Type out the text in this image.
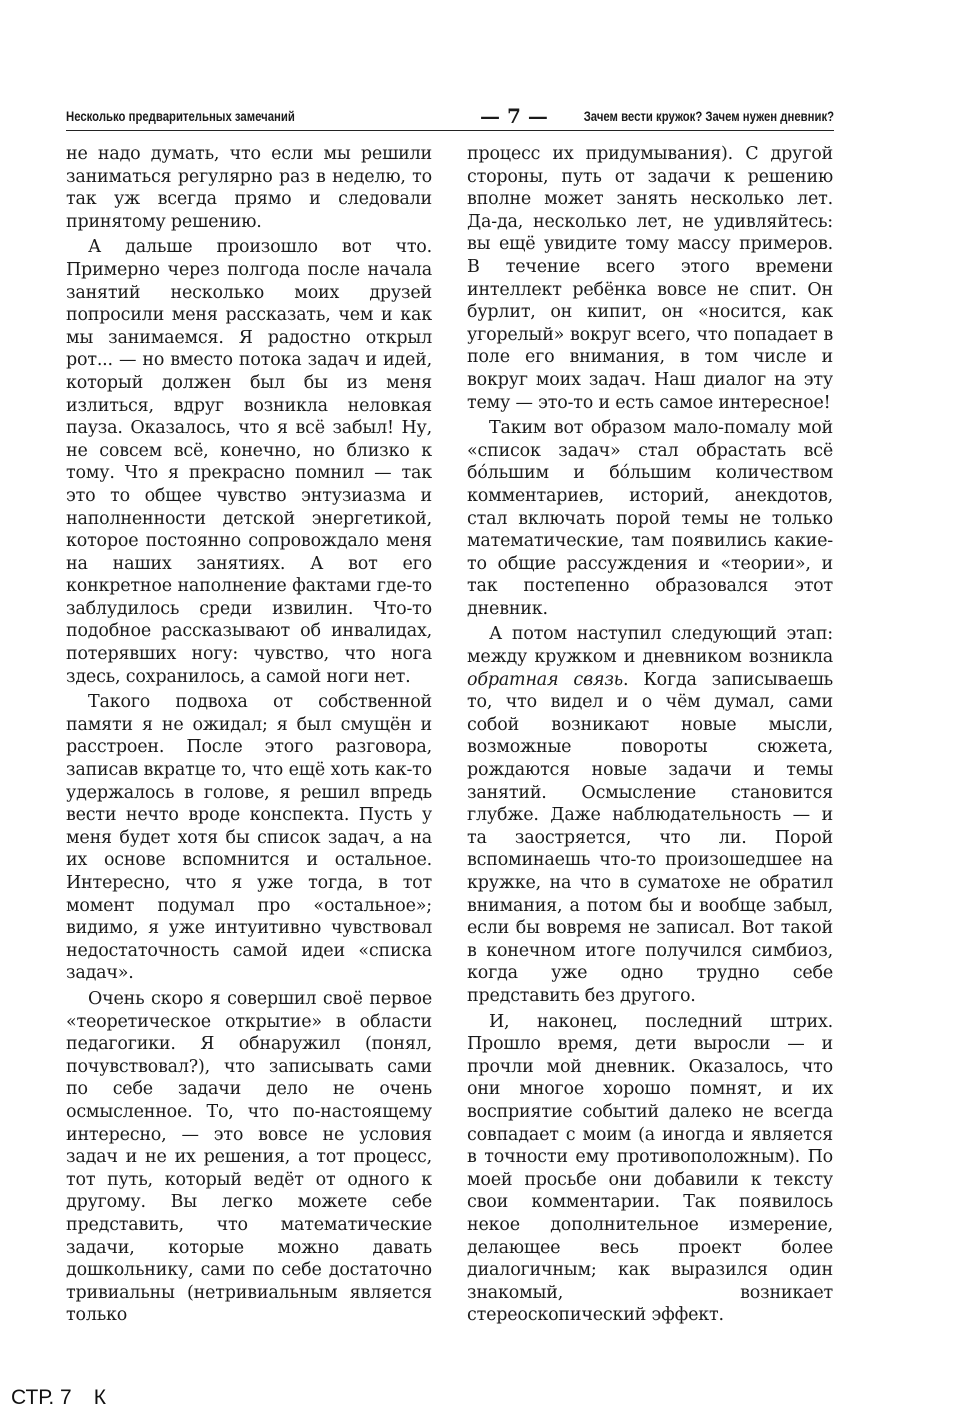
Несколько предварительных замечаний	— 7 —	Зачем вести кружок? Зачем нужен дневник?

не надо думать, что если мы решили заниматься регулярно раз в неделю, то так уж всегда прямо и следовали принятому решению.

А дальше произошло вот что. Примерно через полгода после начала занятий несколько моих друзей попросили меня рассказать, чем и как мы занимаемся. Я радостно открыл рот... — но вместо потока задач и идей, который должен был бы из меня излиться, вдруг возникла неловкая пауза. Оказалось, что я всё забыл! Ну, не совсем всё, конечно, но близко к тому. Что я прекрасно помнил — так это то общее чувство энтузиазма и наполненности детской энергетикой, которое постоянно сопровождало меня на наших занятиях. А вот его конкретное наполнение фактами где-то заблудилось среди извилин. Что-то подобное рассказывают об инвалидах, потерявших ногу: чувство, что нога здесь, сохранилось, а самой ноги нет.

Такого подвоха от собственной памяти я не ожидал; я был смущён и расстроен. После этого разговора, записав вкратце то, что ещё хоть как-то удержалось в голове, я решил впредь вести нечто вроде конспекта. Пусть у меня будет хотя бы список задач, а на их основе вспомнится и остальное. Интересно, что я уже тогда, в тот момент подумал про «остальное»; видимо, я уже интуитивно чувствовал недостаточность самой идеи «списка задач».

Очень скоро я совершил своё первое «теоретическое открытие» в области педагогики. Я обнаружил (понял, почувствовал?), что записывать сами по себе задачи дело не очень осмысленное. То, что по-настоящему интересно, — это вовсе не условия задач и не их решения, а тот процесс, тот путь, который ведёт от одного к другому. Вы легко можете себе представить, что математические задачи, которые можно давать дошкольнику, сами по себе достаточно тривиальны (нетривиальным является только

процесс их придумывания). С другой стороны, путь от задачи к решению вполне может занять несколько лет. Да-да, несколько лет, не удивляйтесь: вы ещё увидите тому массу примеров. В течение всего этого времени интеллект ребёнка вовсе не спит. Он бурлит, он кипит, он «носится, как угорелый» вокруг всего, что попадает в поле его внимания, в том числе и вокруг моих задач. Наш диалог на эту тему — это-то и есть самое интересное!

Таким вот образом мало-помалу мой «список задач» стал обрастать всё бо́льшим и бо́льшим количеством комментариев, историй, анекдотов, стал включать порой темы не только математические, там появились какие-то общие рассуждения и «теории», и так постепенно образовался этот дневник.

А потом наступил следующий этап: между кружком и дневником возникла обратная связь. Когда записываешь то, что видел и о чём думал, сами собой возникают новые мысли, возможные повороты сюжета, рождаются новые задачи и темы занятий. Осмысление становится глубже. Даже наблюдательность — и та заостряется, что ли. Порой вспоминаешь что-то произошедшее на кружке, на что в суматохе не обратил внимания, а потом бы и вообще забыл, если бы вовремя не записал. Вот такой в конечном итоге получился симбиоз, когда уже одно трудно себе представить без другого.

И, наконец, последний штрих. Прошло время, дети выросли — и прочли мой дневник. Оказалось, что они многое хорошо помнят, и их восприятие событий далеко не всегда совпадает с моим (а иногда и является в точности ему противоположным). По моей просьбе они добавили к тексту свои комментарии. Так появилось некое дополнительное измерение, делающее весь проект более диалогичным; как выразился один знакомый, возникает стереоскопический эффект.

СТР. 7 К
